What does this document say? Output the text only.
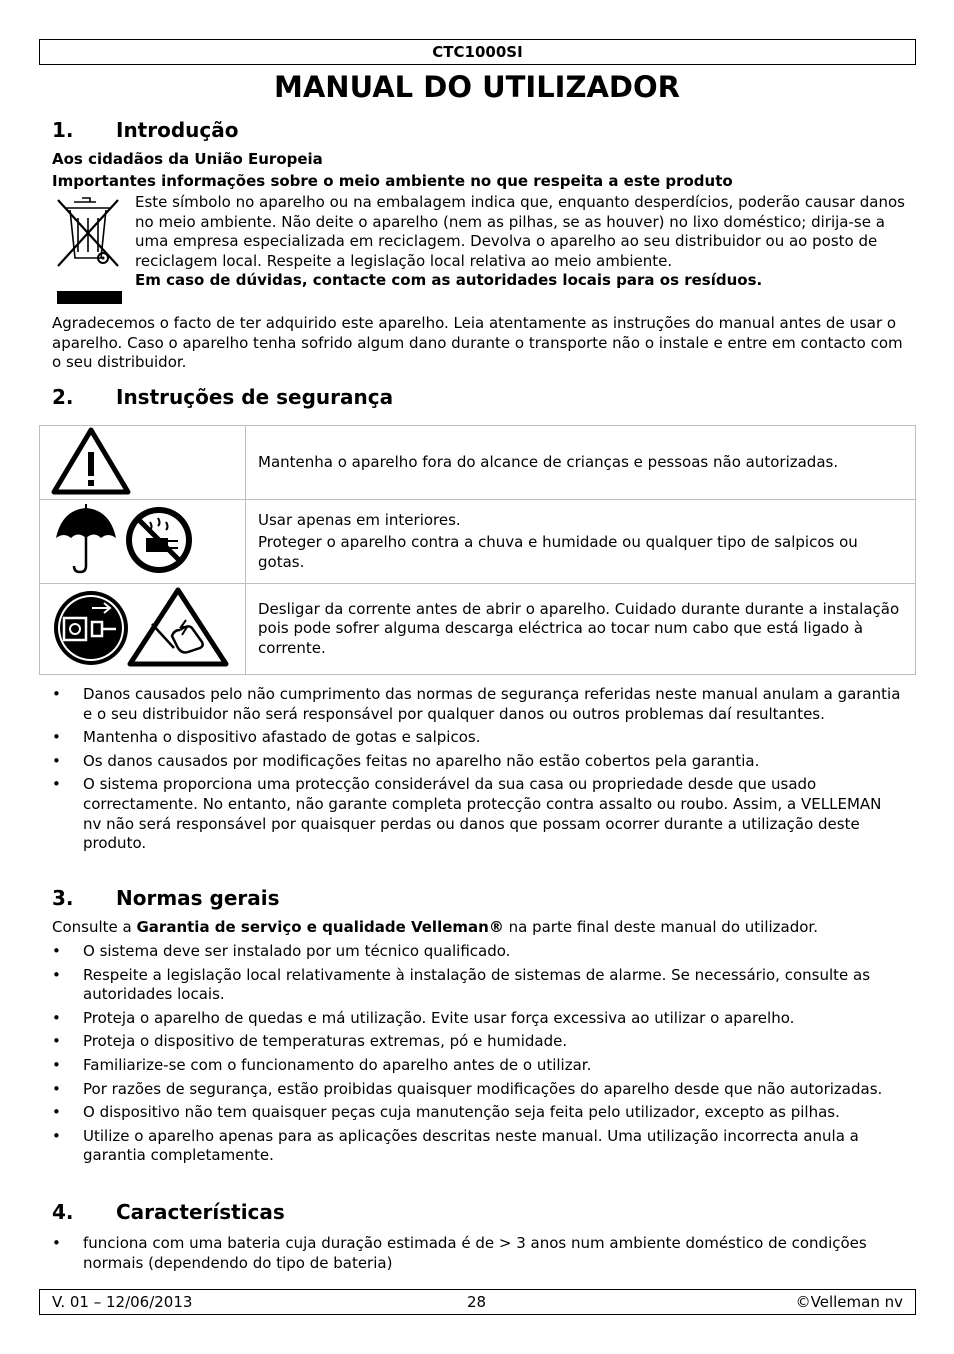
CTC1000SI
MANUAL DO UTILIZADOR
1. Introdução
Aos cidadãos da União Europeia
Importantes informações sobre o meio ambiente no que respeita a este produto
Este símbolo no aparelho ou na embalagem indica que, enquanto desperdícios, poderão causar danos no meio ambiente. Não deite o aparelho (nem as pilhas, se as houver) no lixo doméstico; dirija-se a uma empresa especializada em reciclagem. Devolva o aparelho ao seu distribuidor ou ao posto de reciclagem local. Respeite a legislação local relativa ao meio ambiente.
Em caso de dúvidas, contacte com as autoridades locais para os resíduos.
Agradecemos o facto de ter adquirido este aparelho. Leia atentamente as instruções do manual antes de usar o aparelho. Caso o aparelho tenha sofrido algum dano durante o transporte não o instale e entre em contacto com o seu distribuidor.
2. Instruções de segurança
	Mantenha o aparelho fora do alcance de crianças e pessoas não autorizadas.

Usar apenas em interiores.
Proteger o aparelho contra a chuva e humidade ou qualquer tipo de salpicos ou gotas.

	Desligar da corrente antes de abrir o aparelho. Cuidado durante durante a instalação pois pode sofrer alguma descarga eléctrica ao tocar num cabo que está ligado à corrente.
• Danos causados pelo não cumprimento das normas de segurança referidas neste manual anulam a garantia e o seu distribuidor não será responsável por qualquer danos ou outros problemas daí resultantes.
• Mantenha o dispositivo afastado de gotas e salpicos.
• Os danos causados por modificações feitas no aparelho não estão cobertos pela garantia.
• O sistema proporciona uma protecção considerável da sua casa ou propriedade desde que usado correctamente. No entanto, não garante completa protecção contra assalto ou roubo. Assim, a VELLEMAN nv não será responsável por quaisquer perdas ou danos que possam ocorrer durante a utilização deste produto.
3. Normas gerais
Consulte a Garantia de serviço e qualidade Velleman® na parte final deste manual do utilizador.
• O sistema deve ser instalado por um técnico qualificado.
• Respeite a legislação local relativamente à instalação de sistemas de alarme. Se necessário, consulte as autoridades locais.
• Proteja o aparelho de quedas e má utilização. Evite usar força excessiva ao utilizar o aparelho.
• Proteja o dispositivo de temperaturas extremas, pó e humidade.
• Familiarize-se com o funcionamento do aparelho antes de o utilizar.
• Por razões de segurança, estão proibidas quaisquer modificações do aparelho desde que não autorizadas.
• O dispositivo não tem quaisquer peças cuja manutenção seja feita pelo utilizador, excepto as pilhas.
• Utilize o aparelho apenas para as aplicações descritas neste manual. Uma utilização incorrecta anula a garantia completamente.
4. Características
• funciona com uma bateria cuja duração estimada é de > 3 anos num ambiente doméstico de condições normais (dependendo do tipo de bateria)
V. 01 – 12/06/2013	28	©Velleman nv
